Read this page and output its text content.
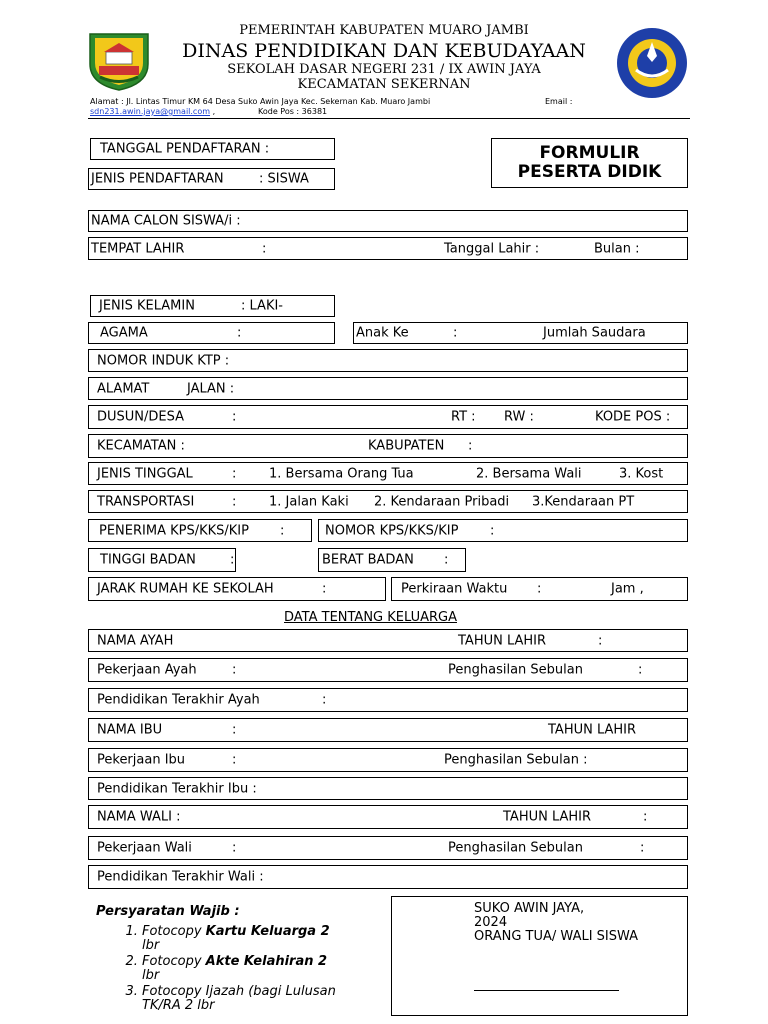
PEMERINTAH KABUPATEN MUARO JAMBI
DINAS PENDIDIKAN DAN KEBUDAYAAN
SEKOLAH DASAR NEGERI 231 / IX AWIN JAYA
KECAMATAN SEKERNAN
Alamat : Jl. Lintas Timur KM 64 Desa Suko Awin Jaya Kec. Sekernan Kab. Muaro Jambi	Email :
sdn231.awin.jaya@gmail.com ,	Kode Pos : 36381
TANGGAL PENDAFTARAN :
JENIS PENDAFTARAN	: SISWA
FORMULIR
PESERTA DIDIK
NAMA CALON SISWA/i :
TEMPAT LAHIR	:	Tanggal Lahir :	Bulan :
JENIS KELAMIN	: LAKI-
AGAMA	:	Anak Ke	:	Jumlah Saudara
NOMOR INDUK KTP :
ALAMAT	JALAN :
DUSUN/DESA	:	RT : RW :	KODE POS :
KECAMATAN :	KABUPATEN :
JENIS TINGGAL	:	1. Bersama Orang Tua	2. Bersama Wali	3. Kost
TRANSPORTASI	:	1. Jalan Kaki 2. Kendaraan Pribadi 3.Kendaraan PT
PENERIMA KPS/KKS/KIP :	NOMOR KPS/KKS/KIP :
TINGGI BADAN	:	BERAT BADAN :
JARAK RUMAH KE SEKOLAH	:	Perkiraan Waktu :	Jam ,
DATA TENTANG KELUARGA
NAMA AYAH	TAHUN LAHIR	:
Pekerjaan Ayah	:	Penghasilan Sebulan	:
Pendidikan Terakhir Ayah	:
NAMA IBU	:	TAHUN LAHIR
Pekerjaan Ibu	:	Penghasilan Sebulan :
Pendidikan Terakhir Ibu :
NAMA WALI :	TAHUN LAHIR	:
Pekerjaan Wali	:	Penghasilan Sebulan	:
Pendidikan Terakhir Wali :
Persyaratan Wajib :
1. Fotocopy Kartu Keluarga 2
lbr
2. Fotocopy Akte Kelahiran 2
lbr
3. Fotocopy Ijazah (bagi Lulusan
TK/RA 2 lbr
SUKO AWIN JAYA,
2024
ORANG TUA/ WALI SISWA
